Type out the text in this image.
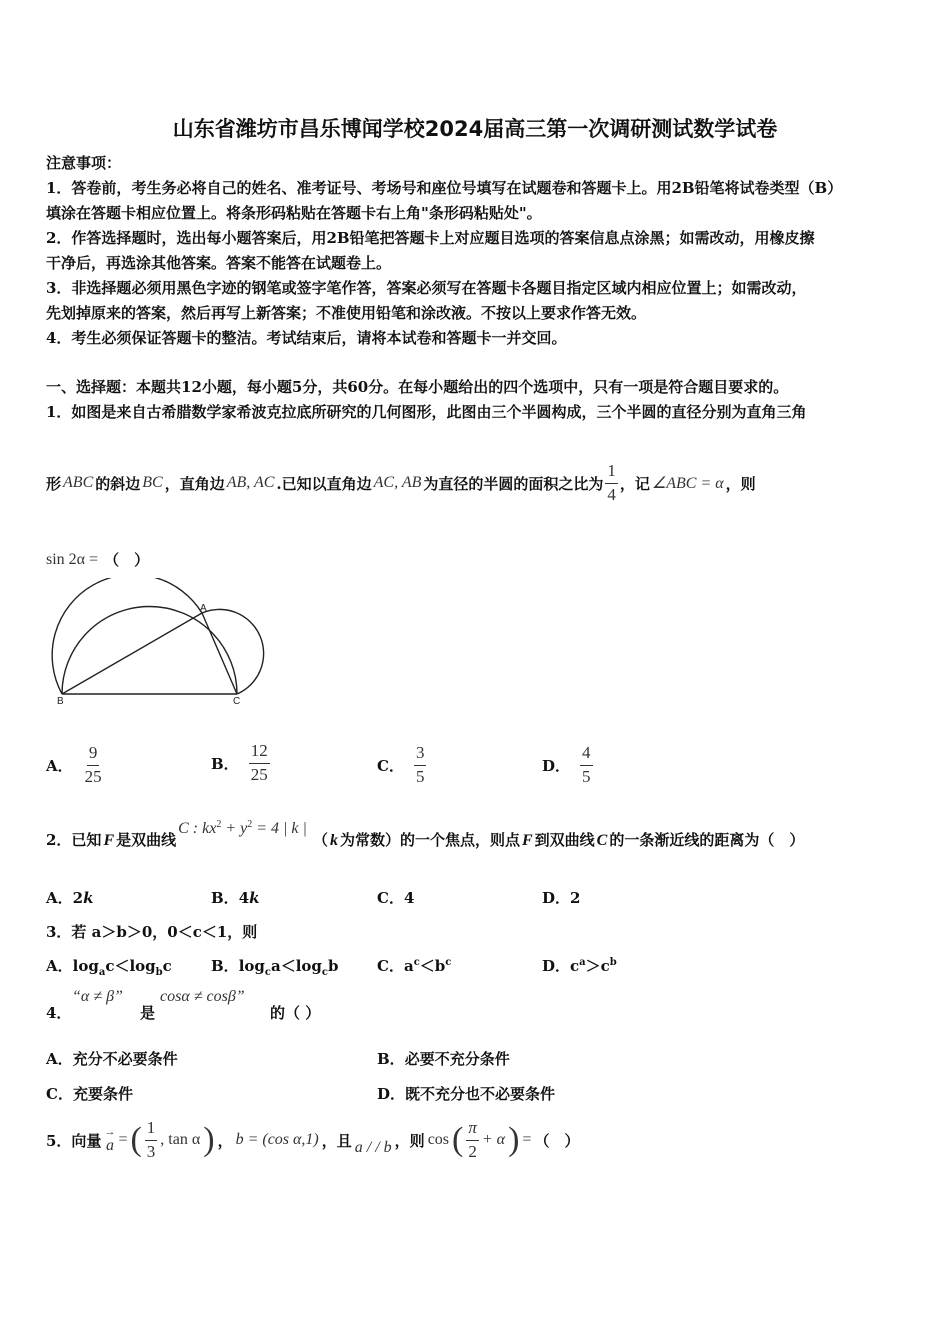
山东省潍坊市昌乐博闻学校2024届高三第一次调研测试数学试卷
注意事项：
1．答卷前，考生务必将自己的姓名、准考证号、考场号和座位号填写在试题卷和答题卡上。用2B铅笔将试卷类型（B）
填涂在答题卡相应位置上。将条形码粘贴在答题卡右上角"条形码粘贴处"。
2．作答选择题时，选出每小题答案后，用2B铅笔把答题卡上对应题目选项的答案信息点涂黑；如需改动，用橡皮擦
干净后，再选涂其他答案。答案不能答在试题卷上。
3．非选择题必须用黑色字迹的钢笔或签字笔作答，答案必须写在答题卡各题目指定区域内相应位置上；如需改动，
先划掉原来的答案，然后再写上新答案；不准使用铅笔和涂改液。不按以上要求作答无效。
4．考生必须保证答题卡的整洁。考试结束后，请将本试卷和答题卡一并交回。
一、选择题：本题共12小题，每小题5分，共60分。在每小题给出的四个选项中，只有一项是符合题目要求的。
1．如图是来自古希腊数学家希波克拉底所研究的几何图形，此图由三个半圆构成，三个半圆的直径分别为直角三角
形 ABC 的斜边 BC ，直角边 AB, AC .已知以直角边 AC, AB 为直径的半圆的面积之比为 $\frac{1}{4}$ ，记 ∠ABC = α ，则
sin 2α = （　）
A
B	C
A． $\frac{9}{25}$	B． $\frac{12}{25}$	C． $\frac{3}{5}$	D． $\frac{4}{5}$
2．已知 F 是双曲线
C : $kx^2 + y^2 = 4$ | k |
（ k 为常数）的一个焦点，则点 F 到双曲线 C 的一条渐近线的距离为（　）
A．2k	B．4k	C．4	D．2
3．若 a＞b＞0，0＜c＜1，则
A．$\log_ac<\log_bc$	B．$\log_ca<\log_cb$	C．$a^c<b^c$	D．$c^a>c^b$
4．
“α ≠ β”
是
cosα ≠ cosβ”
的（ ）
A．充分不必要条件	B．必要不充分条件
C．充要条件	D．既不充分也不必要条件
5．向量 →
a = ( $\frac{1}{3}$ , tan α ) ， b = (cos α,1) ，且 a / / b ，则 cos ( $\frac{\pi}{2} + \alpha$ ) = （　）
